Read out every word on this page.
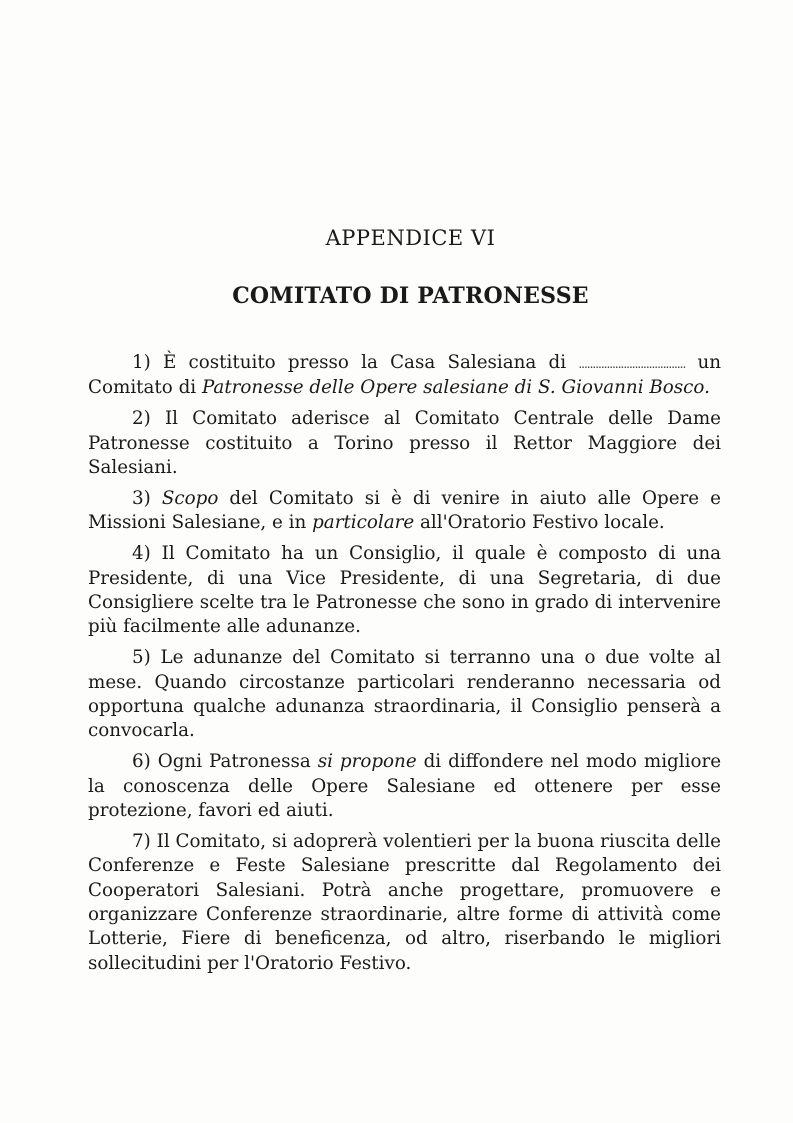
APPENDICE VI
COMITATO DI PATRONESSE

1) È costituito presso la Casa Salesiana di ...................................... un Comitato di Patronesse delle Opere salesiane di S. Giovanni Bosco.

2) Il Comitato aderisce al Comitato Centrale delle Dame Patronesse costituito a Torino presso il Rettor Maggiore dei Salesiani.

3) Scopo del Comitato si è di venire in aiuto alle Opere e Missioni Salesiane, e in particolare all'Oratorio Festivo locale.

4) Il Comitato ha un Consiglio, il quale è composto di una Presidente, di una Vice Presidente, di una Segretaria, di due Consigliere scelte tra le Patronesse che sono in grado di intervenire più facilmente alle adunanze.

5) Le adunanze del Comitato si terranno una o due volte al mese. Quando circostanze particolari renderanno necessaria od opportuna qualche adunanza straordinaria, il Consiglio penserà a convocarla.

6) Ogni Patronessa si propone di diffondere nel modo migliore la conoscenza delle Opere Salesiane ed ottenere per esse protezione, favori ed aiuti.

7) Il Comitato, si adoprerà volentieri per la buona riuscita delle Conferenze e Feste Salesiane prescritte dal Regolamento dei Cooperatori Salesiani. Potrà anche progettare, promuovere e organizzare Conferenze straordinarie, altre forme di attività come Lotterie, Fiere di beneficenza, od altro, riserbando le migliori sollecitudini per l'Oratorio Festivo.
